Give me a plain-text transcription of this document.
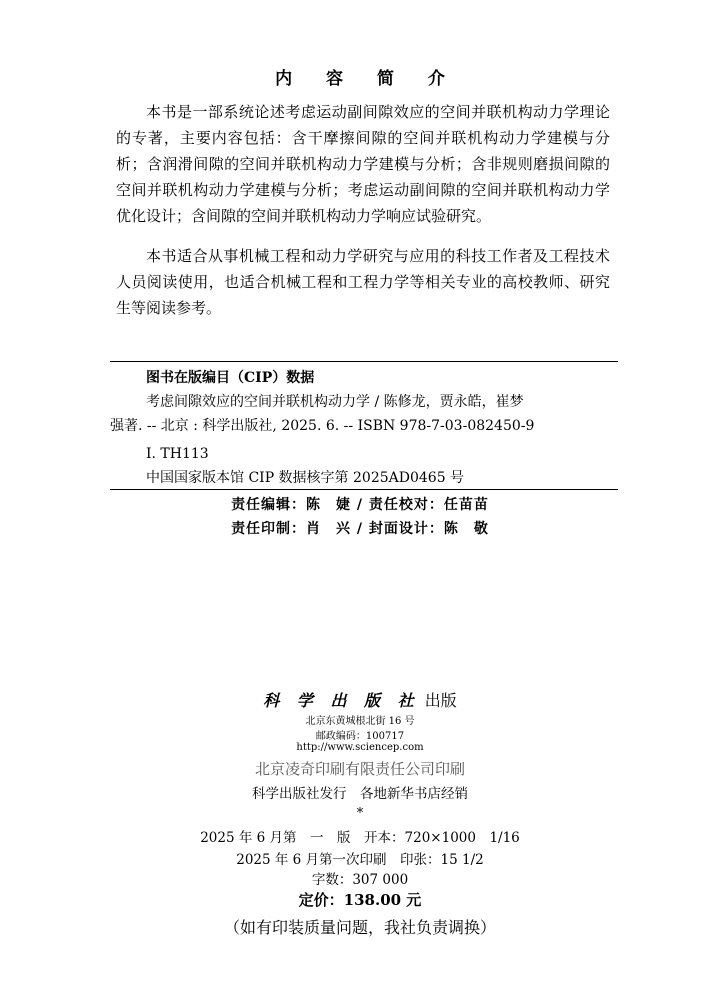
内 容 简 介

本书是一部系统论述考虑运动副间隙效应的空间并联机构动力学理论的专著，主要内容包括：含干摩擦间隙的空间并联机构动力学建模与分析；含润滑间隙的空间并联机构动力学建模与分析；含非规则磨损间隙的空间并联机构动力学建模与分析；考虑运动副间隙的空间并联机构动力学优化设计；含间隙的空间并联机构动力学响应试验研究。

本书适合从事机械工程和动力学研究与应用的科技工作者及工程技术人员阅读使用，也适合机械工程和工程力学等相关专业的高校教师、研究生等阅读参考。

图书在版编目（CIP）数据
考虑间隙效应的空间并联机构动力学 / 陈修龙，贾永皓，崔梦
强著. -- 北京 : 科学出版社, 2025. 6. -- ISBN 978-7-03-082450-9
Ⅰ. TH113
中国国家版本馆 CIP 数据核字第 2025AD0465 号
责任编辑：陈　婕 / 责任校对：任苗苗
责任印制：肖　兴 / 封面设计：陈　敬
科 学 出 版 社 出版
北京东黄城根北街 16 号
邮政编码：100717
http://www.sciencep.com
北京凌奇印刷有限责任公司印刷
科学出版社发行　各地新华书店经销
*
2025 年 6 月第　一　版　开本：720×1000　1/16
2025 年 6 月第一次印刷　印张：15 1/2
字数：307 000
定价：138.00 元
（如有印装质量问题，我社负责调换）
